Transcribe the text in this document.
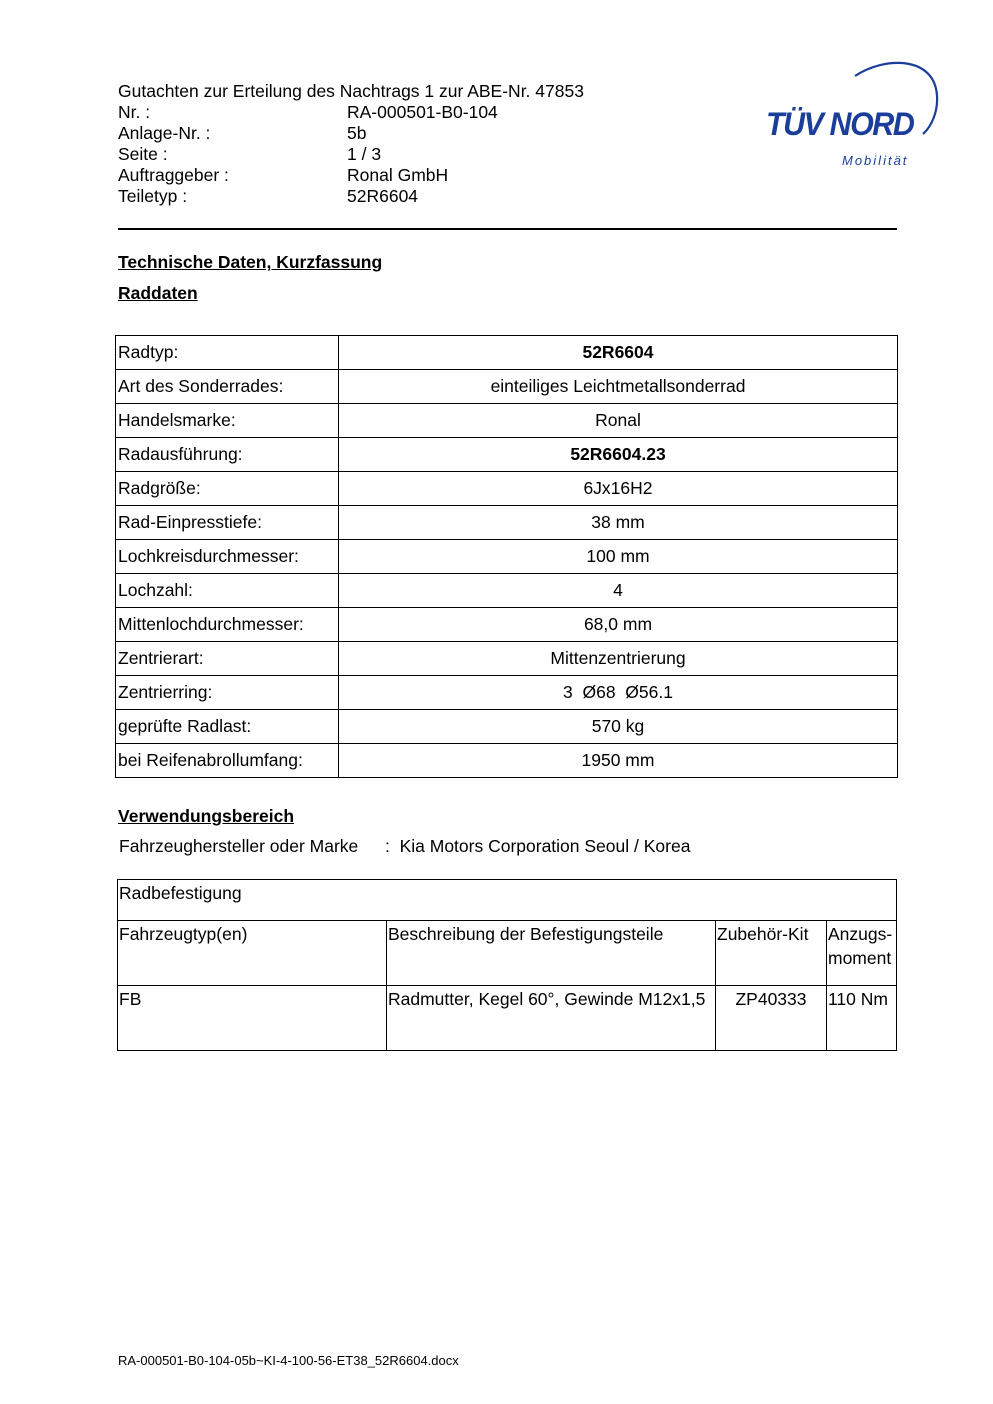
Gutachten zur Erteilung des Nachtrags 1 zur ABE-Nr. 47853
Nr. :	RA-000501-B0-104
Anlage-Nr. :	5b
Seite :	1 / 3
Auftraggeber :	Ronal GmbH
Teiletyp :	52R6604
TÜV NORD
Mobilität
Technische Daten, Kurzfassung
Raddaten
Radtyp:	52R6604
Art des Sonderrades:	einteiliges Leichtmetallsonderrad
Handelsmarke:	Ronal
Radausführung:	52R6604.23
Radgröße:	6Jx16H2
Rad-Einpresstiefe:	38 mm
Lochkreisdurchmesser:	100 mm
Lochzahl:	4
Mittenlochdurchmesser:	68,0 mm
Zentrierart:	Mittenzentrierung
Zentrierring:	3  Ø68  Ø56.1
geprüfte Radlast:	570 kg
bei Reifenabrollumfang:	1950 mm
Verwendungsbereich
Fahrzeughersteller oder Marke :  Kia Motors Corporation Seoul / Korea
Radbefestigung			
Fahrzeugtyp(en)	Beschreibung der Befestigungsteile	Zubehör-Kit	Anzugs-moment
FB	Radmutter, Kegel 60°, Gewinde M12x1,5	ZP40333	110 Nm
RA-000501-B0-104-05b~KI-4-100-56-ET38_52R6604.docx
